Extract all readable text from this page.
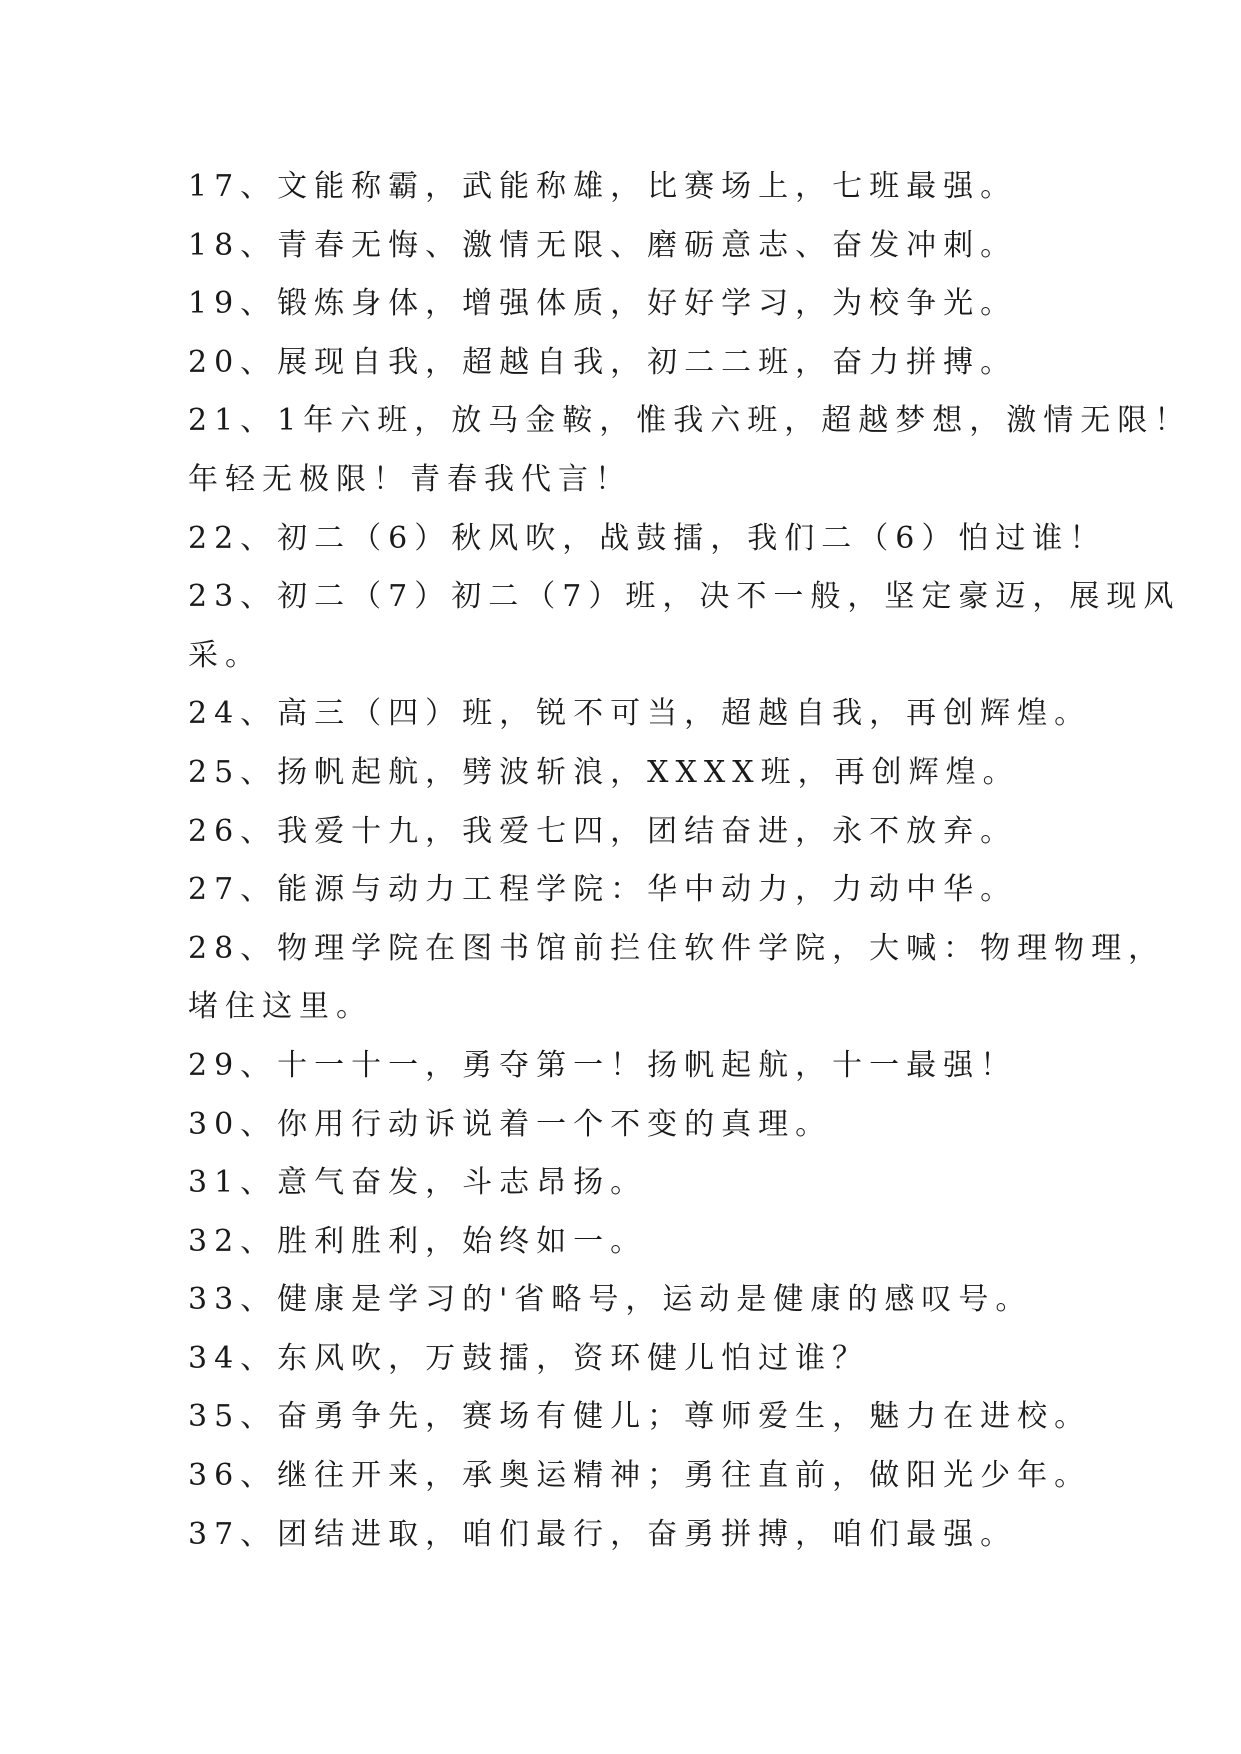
17、文能称霸，武能称雄，比赛场上，七班最强。
18、青春无悔、激情无限、磨砺意志、奋发冲刺。
19、锻炼身体，增强体质，好好学习，为校争光。
20、展现自我，超越自我，初二二班，奋力拼搏。
21、1年六班，放马金鞍，惟我六班，超越梦想，激情无限！
年轻无极限！青春我代言！
22、初二（6）秋风吹，战鼓擂，我们二（6）怕过谁！
23、初二（7）初二（7）班，决不一般，坚定豪迈，展现风
采。
24、高三（四）班，锐不可当，超越自我，再创辉煌。
25、扬帆起航，劈波斩浪，XXXX班，再创辉煌。
26、我爱十九，我爱七四，团结奋进，永不放弃。
27、能源与动力工程学院：华中动力，力动中华。
28、物理学院在图书馆前拦住软件学院，大喊：物理物理，
堵住这里。
29、十一十一，勇夺第一！扬帆起航，十一最强！
30、你用行动诉说着一个不变的真理。
31、意气奋发，斗志昂扬。
32、胜利胜利，始终如一。
33、健康是学习的'省略号，运动是健康的感叹号。
34、东风吹，万鼓擂，资环健儿怕过谁？
35、奋勇争先，赛场有健儿；尊师爱生，魅力在进校。
36、继往开来，承奥运精神；勇往直前，做阳光少年。
37、团结进取，咱们最行，奋勇拼搏，咱们最强。
